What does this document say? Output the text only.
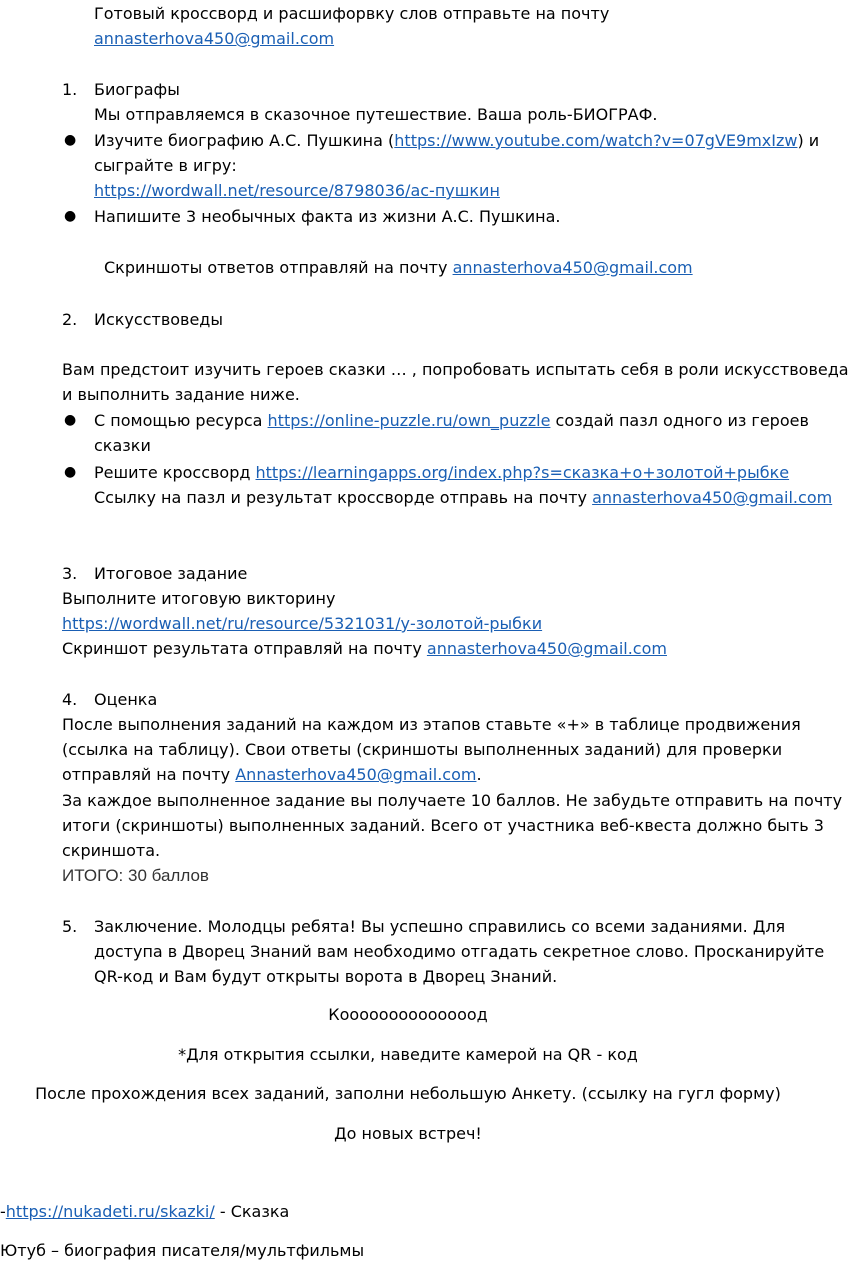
Готовый кроссворд и расшифорвку слов отправьте на почту
annasterhova450@gmail.com
1. Биографы
Мы отправляемся в сказочное путешествие. Ваша роль-БИОГРАФ.
● Изучите биографию А.С. Пушкина (https://www.youtube.com/watch?v=07gVE9mxIzw) и
сыграйте в игру:
https://wordwall.net/resource/8798036/ас-пушкин
● Напишите 3 необычных факта из жизни А.С. Пушкина.
Скриншоты ответов отправляй на почту annasterhova450@gmail.com
2. Искусствоведы
Вам предстоит изучить героев сказки … , попробовать испытать себя в роли искусствоведа
и выполнить задание ниже.
● С помощью ресурса https://online-puzzle.ru/own_puzzle создай пазл одного из героев
сказки
● Решите кроссворд https://learningapps.org/index.php?s=сказка+о+золотой+рыбке
Ссылку на пазл и результат кроссворде отправь на почту annasterhova450@gmail.com
3. Итоговое задание
Выполните итоговую викторину
https://wordwall.net/ru/resource/5321031/у-золотой-рыбки
Скриншот результата отправляй на почту annasterhova450@gmail.com
4. Оценка
После выполнения заданий на каждом из этапов ставьте «+» в таблице продвижения
(ссылка на таблицу). Свои ответы (скриншоты выполненных заданий) для проверки
отправляй на почту Annasterhova450@gmail.com.
За каждое выполненное задание вы получаете 10 баллов. Не забудьте отправить на почту
итоги (скриншоты) выполненных заданий. Всего от участника веб-квеста должно быть 3
скриншота.
ИТОГО: 30 баллов
5. Заключение. Молодцы ребята! Вы успешно справились со всеми заданиями. Для
доступа в Дворец Знаний вам необходимо отгадать секретное слово. Просканируйте
QR-код и Вам будут открыты ворота в Дворец Знаний.
Коооооооооооооод
*Для открытия ссылки, наведите камерой на QR - код
После прохождения всех заданий, заполни небольшую Анкету. (ссылку на гугл форму)
До новых встреч!
-https://nukadeti.ru/skazki/ - Сказка
Ютуб – биография писателя/мультфильмы
